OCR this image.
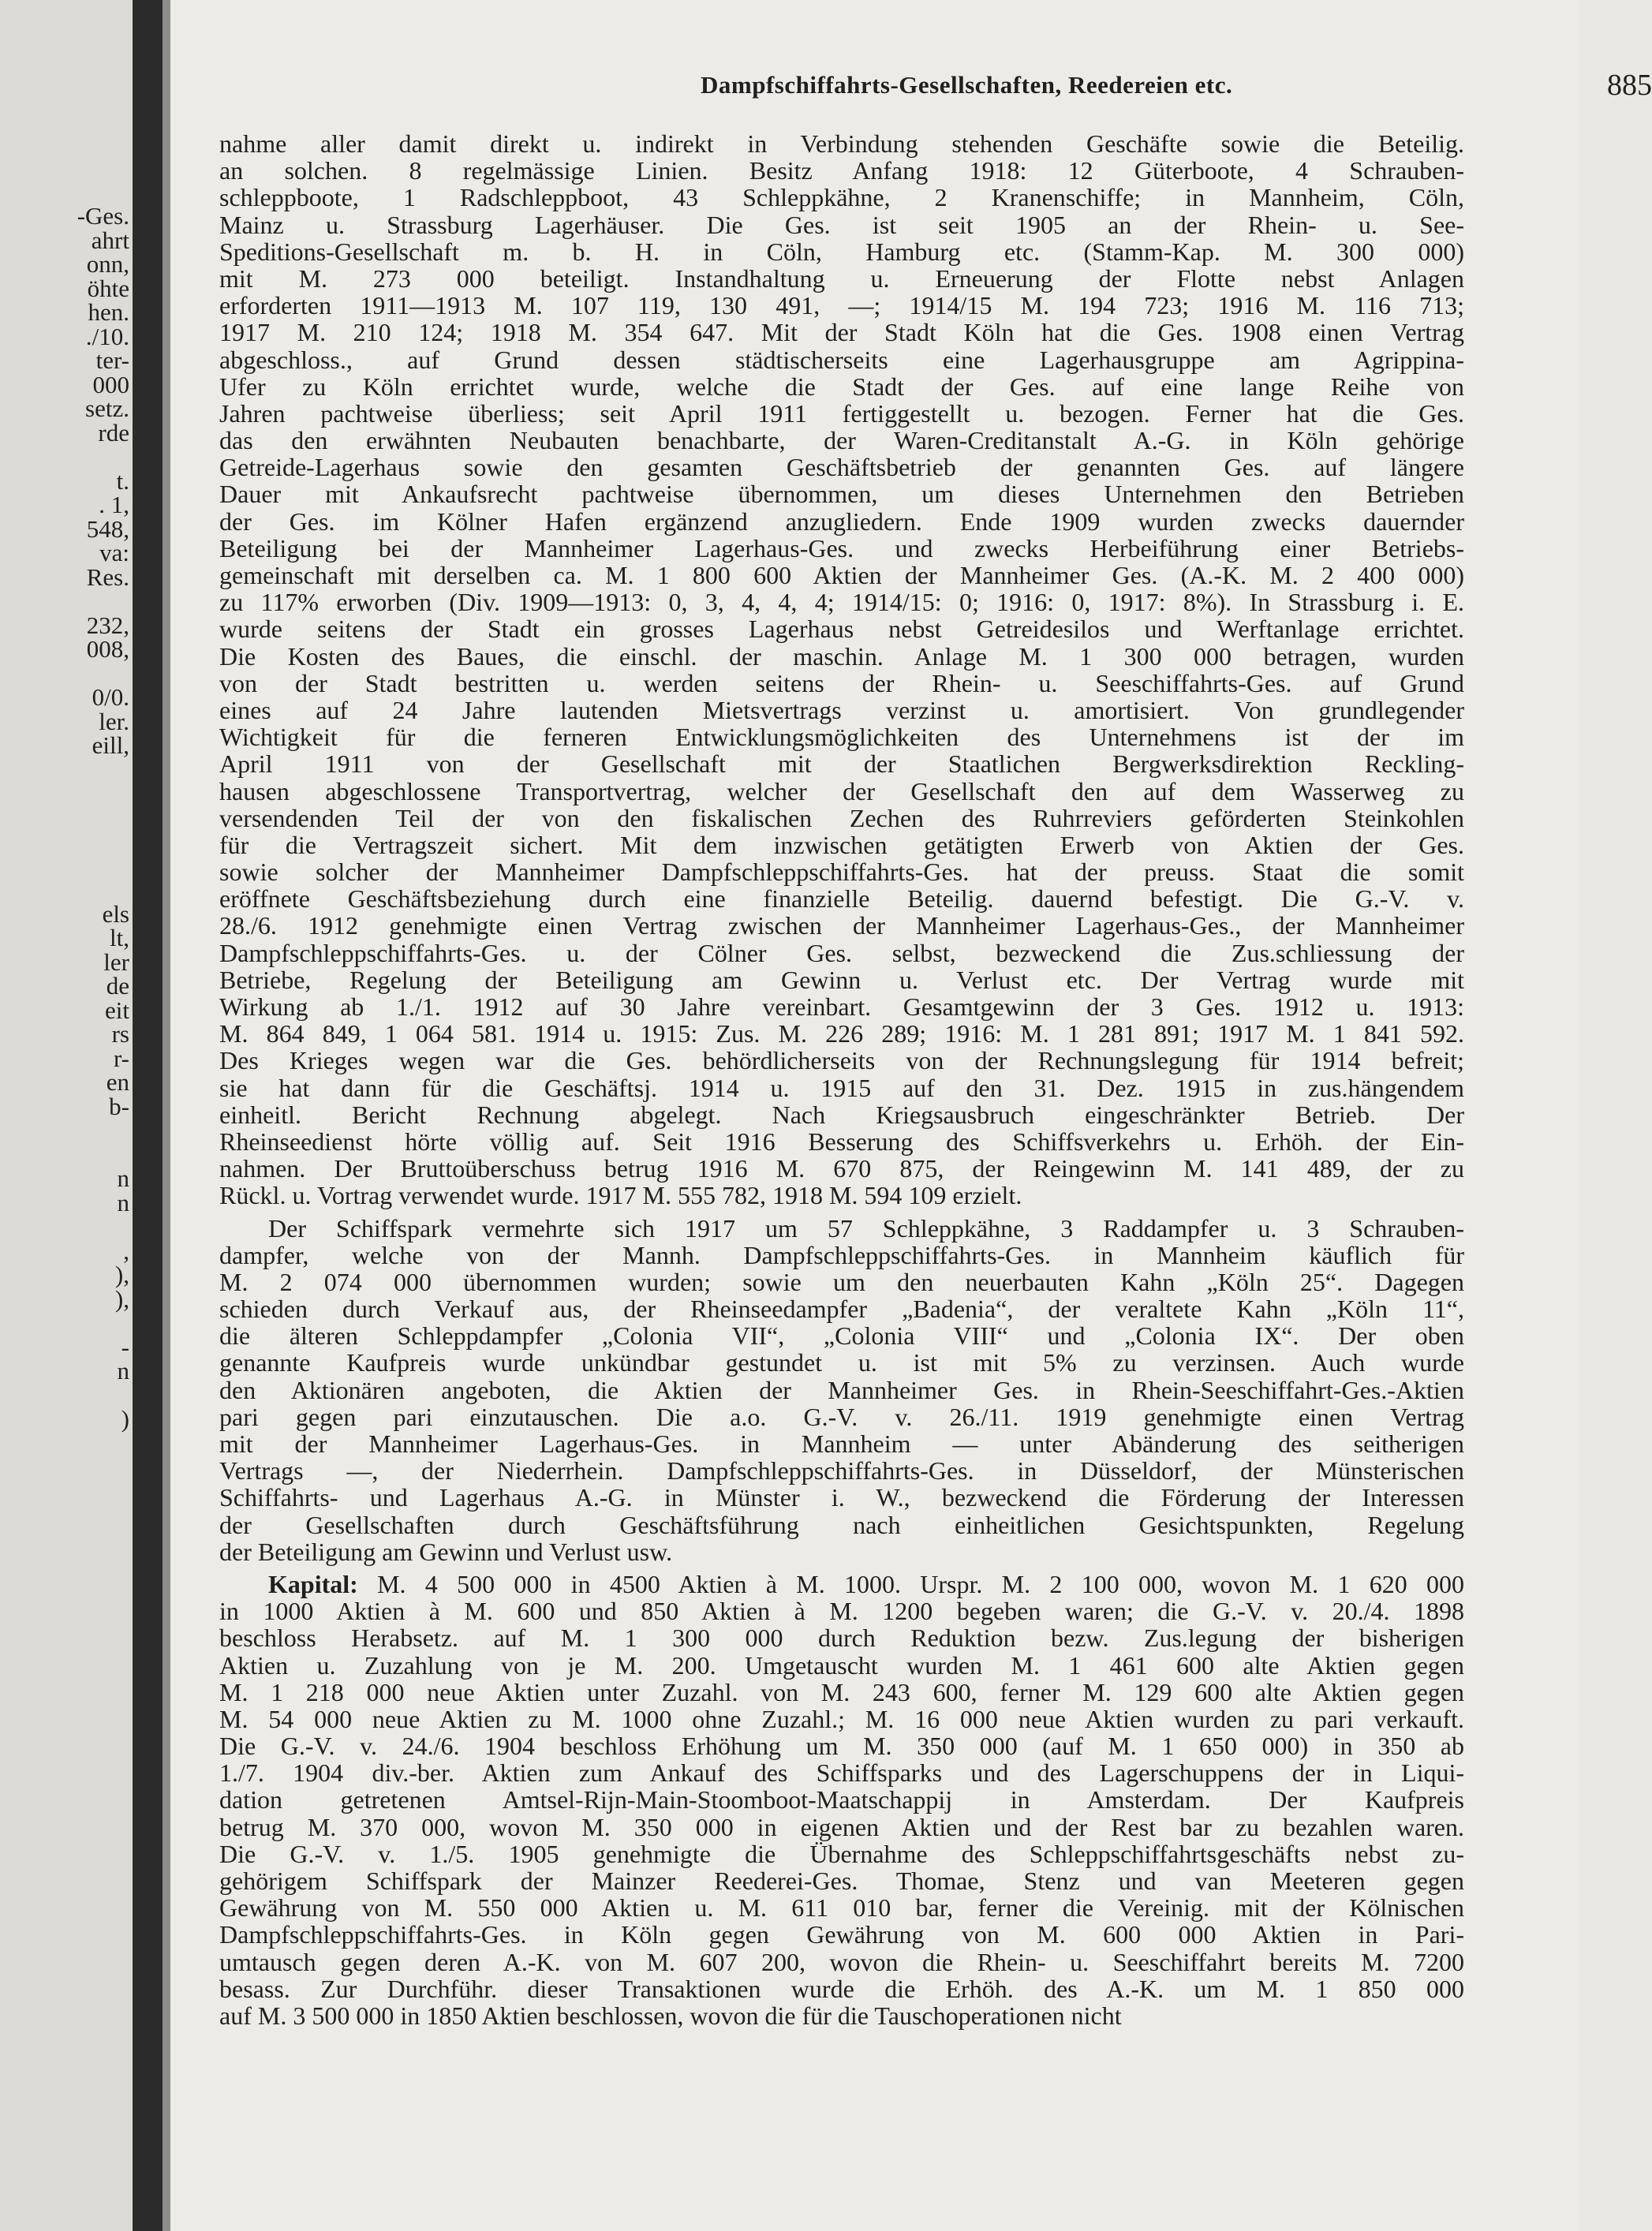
-Ges.
ahrt
onn,
öhte
hen.
./10.
ter-
000
setz.
rde
t.
. 1,
548,
va:
Res.
232,
008,
0/0.
ler.
eill,
els
lt,
ler
de
eit
rs
r-
en
b-
n
n
,
),
),
-
n
)
Dampfschiffahrts-Gesellschaften, Reedereien etc.	885
nahme aller damit direkt u. indirekt in Verbindung stehenden Geschäfte sowie die Beteilig.
an solchen. 8 regelmässige Linien. Besitz Anfang 1918: 12 Güterboote, 4 Schrauben-
schleppboote, 1 Radschleppboot, 43 Schleppkähne, 2 Kranenschiffe; in Mannheim, Cöln,
Mainz u. Strassburg Lagerhäuser. Die Ges. ist seit 1905 an der Rhein- u. See-
Speditions-Gesellschaft m. b. H. in Cöln, Hamburg etc. (Stamm-Kap. M. 300 000)
mit M. 273 000 beteiligt. Instandhaltung u. Erneuerung der Flotte nebst Anlagen
erforderten 1911—1913 M. 107 119, 130 491, —; 1914/15 M. 194 723; 1916 M. 116 713;
1917 M. 210 124; 1918 M. 354 647. Mit der Stadt Köln hat die Ges. 1908 einen Vertrag
abgeschloss., auf Grund dessen städtischerseits eine Lagerhausgruppe am Agrippina-
Ufer zu Köln errichtet wurde, welche die Stadt der Ges. auf eine lange Reihe von
Jahren pachtweise überliess; seit April 1911 fertiggestellt u. bezogen. Ferner hat die Ges.
das den erwähnten Neubauten benachbarte, der Waren-Creditanstalt A.-G. in Köln gehörige
Getreide-Lagerhaus sowie den gesamten Geschäftsbetrieb der genannten Ges. auf längere
Dauer mit Ankaufsrecht pachtweise übernommen, um dieses Unternehmen den Betrieben
der Ges. im Kölner Hafen ergänzend anzugliedern. Ende 1909 wurden zwecks dauernder
Beteiligung bei der Mannheimer Lagerhaus-Ges. und zwecks Herbeiführung einer Betriebs-
gemeinschaft mit derselben ca. M. 1 800 600 Aktien der Mannheimer Ges. (A.-K. M. 2 400 000)
zu 117% erworben (Div. 1909—1913: 0, 3, 4, 4, 4; 1914/15: 0; 1916: 0, 1917: 8%). In Strassburg i. E.
wurde seitens der Stadt ein grosses Lagerhaus nebst Getreidesilos und Werftanlage errichtet.
Die Kosten des Baues, die einschl. der maschin. Anlage M. 1 300 000 betragen, wurden
von der Stadt bestritten u. werden seitens der Rhein- u. Seeschiffahrts-Ges. auf Grund
eines auf 24 Jahre lautenden Mietsvertrags verzinst u. amortisiert. Von grundlegender
Wichtigkeit für die ferneren Entwicklungsmöglichkeiten des Unternehmens ist der im
April 1911 von der Gesellschaft mit der Staatlichen Bergwerksdirektion Reckling-
hausen abgeschlossene Transportvertrag, welcher der Gesellschaft den auf dem Wasserweg zu
versendenden Teil der von den fiskalischen Zechen des Ruhrreviers geförderten Steinkohlen
für die Vertragszeit sichert. Mit dem inzwischen getätigten Erwerb von Aktien der Ges.
sowie solcher der Mannheimer Dampfschleppschiffahrts-Ges. hat der preuss. Staat die somit
eröffnete Geschäftsbeziehung durch eine finanzielle Beteilig. dauernd befestigt. Die G.-V. v.
28./6. 1912 genehmigte einen Vertrag zwischen der Mannheimer Lagerhaus-Ges., der Mannheimer
Dampfschleppschiffahrts-Ges. u. der Cölner Ges. selbst, bezweckend die Zus.schliessung der
Betriebe, Regelung der Beteiligung am Gewinn u. Verlust etc. Der Vertrag wurde mit
Wirkung ab 1./1. 1912 auf 30 Jahre vereinbart. Gesamtgewinn der 3 Ges. 1912 u. 1913:
M. 864 849, 1 064 581. 1914 u. 1915: Zus. M. 226 289; 1916: M. 1 281 891; 1917 M. 1 841 592.
Des Krieges wegen war die Ges. behördlicherseits von der Rechnungslegung für 1914 befreit;
sie hat dann für die Geschäftsj. 1914 u. 1915 auf den 31. Dez. 1915 in zus.hängendem
einheitl. Bericht Rechnung abgelegt. Nach Kriegsausbruch eingeschränkter Betrieb. Der
Rheinseedienst hörte völlig auf. Seit 1916 Besserung des Schiffsverkehrs u. Erhöh. der Ein-
nahmen. Der Bruttoüberschuss betrug 1916 M. 670 875, der Reingewinn M. 141 489, der zu
Rückl. u. Vortrag verwendet wurde. 1917 M. 555 782, 1918 M. 594 109 erzielt.
Der Schiffspark vermehrte sich 1917 um 57 Schleppkähne, 3 Raddampfer u. 3 Schrauben-
dampfer, welche von der Mannh. Dampfschleppschiffahrts-Ges. in Mannheim käuflich für
M. 2 074 000 übernommen wurden; sowie um den neuerbauten Kahn „Köln 25“. Dagegen
schieden durch Verkauf aus, der Rheinseedampfer „Badenia“, der veraltete Kahn „Köln 11“,
die älteren Schleppdampfer „Colonia VII“, „Colonia VIII“ und „Colonia IX“. Der oben
genannte Kaufpreis wurde unkündbar gestundet u. ist mit 5% zu verzinsen. Auch wurde
den Aktionären angeboten, die Aktien der Mannheimer Ges. in Rhein-Seeschiffahrt-Ges.-Aktien
pari gegen pari einzutauschen. Die a.o. G.-V. v. 26./11. 1919 genehmigte einen Vertrag
mit der Mannheimer Lagerhaus-Ges. in Mannheim — unter Abänderung des seitherigen
Vertrags —, der Niederrhein. Dampfschleppschiffahrts-Ges. in Düsseldorf, der Münsterischen
Schiffahrts- und Lagerhaus A.-G. in Münster i. W., bezweckend die Förderung der Interessen
der Gesellschaften durch Geschäftsführung nach einheitlichen Gesichtspunkten, Regelung
der Beteiligung am Gewinn und Verlust usw.
Kapital: M. 4 500 000 in 4500 Aktien à M. 1000. Urspr. M. 2 100 000, wovon M. 1 620 000
in 1000 Aktien à M. 600 und 850 Aktien à M. 1200 begeben waren; die G.-V. v. 20./4. 1898
beschloss Herabsetz. auf M. 1 300 000 durch Reduktion bezw. Zus.legung der bisherigen
Aktien u. Zuzahlung von je M. 200. Umgetauscht wurden M. 1 461 600 alte Aktien gegen
M. 1 218 000 neue Aktien unter Zuzahl. von M. 243 600, ferner M. 129 600 alte Aktien gegen
M. 54 000 neue Aktien zu M. 1000 ohne Zuzahl.; M. 16 000 neue Aktien wurden zu pari verkauft.
Die G.-V. v. 24./6. 1904 beschloss Erhöhung um M. 350 000 (auf M. 1 650 000) in 350 ab
1./7. 1904 div.-ber. Aktien zum Ankauf des Schiffsparks und des Lagerschuppens der in Liqui-
dation getretenen Amtsel-Rijn-Main-Stoomboot-Maatschappij in Amsterdam. Der Kaufpreis
betrug M. 370 000, wovon M. 350 000 in eigenen Aktien und der Rest bar zu bezahlen waren.
Die G.-V. v. 1./5. 1905 genehmigte die Übernahme des Schleppschiffahrtsgeschäfts nebst zu-
gehörigem Schiffspark der Mainzer Reederei-Ges. Thomae, Stenz und van Meeteren gegen
Gewährung von M. 550 000 Aktien u. M. 611 010 bar, ferner die Vereinig. mit der Kölnischen
Dampfschleppschiffahrts-Ges. in Köln gegen Gewährung von M. 600 000 Aktien in Pari-
umtausch gegen deren A.-K. von M. 607 200, wovon die Rhein- u. Seeschiffahrt bereits M. 7200
besass. Zur Durchführ. dieser Transaktionen wurde die Erhöh. des A.-K. um M. 1 850 000
auf M. 3 500 000 in 1850 Aktien beschlossen, wovon die für die Tauschoperationen nicht
